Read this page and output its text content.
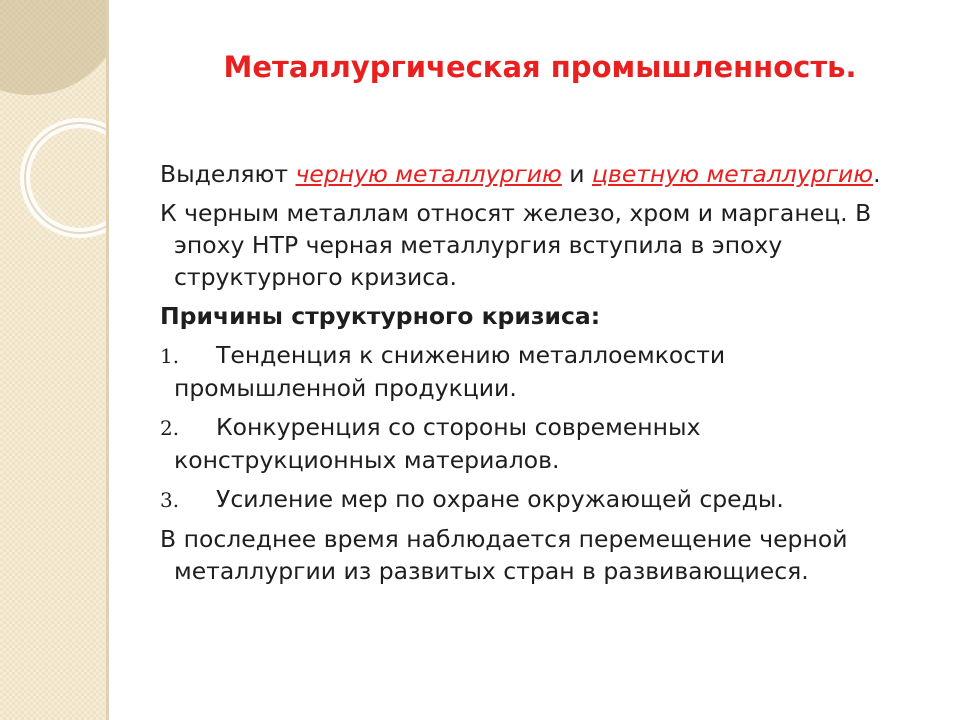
Металлургическая промышленность.

Выделяют черную металлургию и цветную металлургию.

К черным металлам относят железо, хром и марганец. В эпоху НТР черная металлургия вступила в эпоху структурного кризиса.

Причины структурного кризиса:

1. Тенденция к снижению металлоемкости промышленной продукции.

2. Конкуренция со стороны современных конструкционных материалов.

3. Усиление мер по охране окружающей среды.

В последнее время наблюдается перемещение черной металлургии из развитых стран в развивающиеся.
